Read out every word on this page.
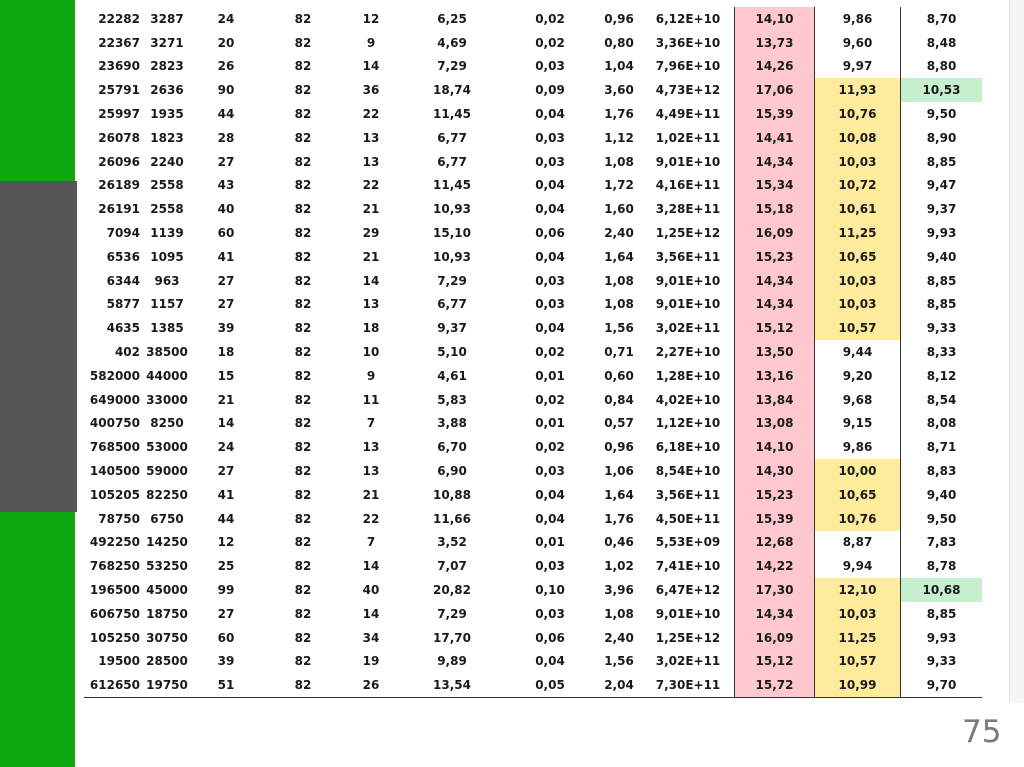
22282	3287	24	82	12	6,25	0,02	0,96	6,12E+10	14,10	9,86	8,70
22367	3271	20	82	9	4,69	0,02	0,80	3,36E+10	13,73	9,60	8,48
23690	2823	26	82	14	7,29	0,03	1,04	7,96E+10	14,26	9,97	8,80
25791	2636	90	82	36	18,74	0,09	3,60	4,73E+12	17,06	11,93	10,53
25997	1935	44	82	22	11,45	0,04	1,76	4,49E+11	15,39	10,76	9,50
26078	1823	28	82	13	6,77	0,03	1,12	1,02E+11	14,41	10,08	8,90
26096	2240	27	82	13	6,77	0,03	1,08	9,01E+10	14,34	10,03	8,85
26189	2558	43	82	22	11,45	0,04	1,72	4,16E+11	15,34	10,72	9,47
26191	2558	40	82	21	10,93	0,04	1,60	3,28E+11	15,18	10,61	9,37
7094	1139	60	82	29	15,10	0,06	2,40	1,25E+12	16,09	11,25	9,93
6536	1095	41	82	21	10,93	0,04	1,64	3,56E+11	15,23	10,65	9,40
6344	963	27	82	14	7,29	0,03	1,08	9,01E+10	14,34	10,03	8,85
5877	1157	27	82	13	6,77	0,03	1,08	9,01E+10	14,34	10,03	8,85
4635	1385	39	82	18	9,37	0,04	1,56	3,02E+11	15,12	10,57	9,33
402	38500	18	82	10	5,10	0,02	0,71	2,27E+10	13,50	9,44	8,33
582000	44000	15	82	9	4,61	0,01	0,60	1,28E+10	13,16	9,20	8,12
649000	33000	21	82	11	5,83	0,02	0,84	4,02E+10	13,84	9,68	8,54
400750	8250	14	82	7	3,88	0,01	0,57	1,12E+10	13,08	9,15	8,08
768500	53000	24	82	13	6,70	0,02	0,96	6,18E+10	14,10	9,86	8,71
140500	59000	27	82	13	6,90	0,03	1,06	8,54E+10	14,30	10,00	8,83
105205	82250	41	82	21	10,88	0,04	1,64	3,56E+11	15,23	10,65	9,40
78750	6750	44	82	22	11,66	0,04	1,76	4,50E+11	15,39	10,76	9,50
492250	14250	12	82	7	3,52	0,01	0,46	5,53E+09	12,68	8,87	7,83
768250	53250	25	82	14	7,07	0,03	1,02	7,41E+10	14,22	9,94	8,78
196500	45000	99	82	40	20,82	0,10	3,96	6,47E+12	17,30	12,10	10,68
606750	18750	27	82	14	7,29	0,03	1,08	9,01E+10	14,34	10,03	8,85
105250	30750	60	82	34	17,70	0,06	2,40	1,25E+12	16,09	11,25	9,93
19500	28500	39	82	19	9,89	0,04	1,56	3,02E+11	15,12	10,57	9,33
612650	19750	51	82	26	13,54	0,05	2,04	7,30E+11	15,72	10,99	9,70
75
